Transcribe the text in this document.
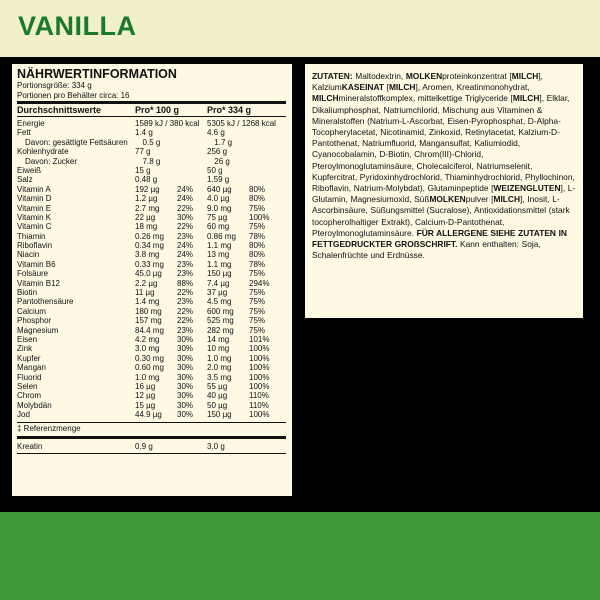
VANILLA
NÄHRWERTINFORMATION
Portionsgröße: 334 g
Portionen pro Behälter circa: 16
Durchschnittswerte	Pro* 100 g	Pro* 334 g
Energie	1589 kJ / 380 kcal 5305 kJ / 1268 kcal
Fett	1.4 g	4.6 g
Davon: gesättigte Fettsäuren	0.5 g	1.7 g
Kohlenhydrate	77 g	256 g
Davon: Zucker	7.8 g	26 g
Eiweiß	15 g	50 g
Salz	0.48 g	1.59 g
Vitamin A	192 µg	24%	640 µg	80%
Vitamin D	1.2 µg	24%	4.0 µg	80%
Vitamin E	2.7 mg	22%	9.0 mg	75%
Vitamin K	22 µg	30%	75 µg	100%
Vitamin C	18 mg	22%	60 mg	75%
Thiamin	0.26 mg	23%	0.86 mg	78%
Riboflavin	0.34 mg	24%	1.1 mg	80%
Niacin	3.8 mg	24%	13 mg	80%
Vitamin B6	0.33 mg	23%	1.1 mg	78%
Folsäure	45.0 µg	23%	150 µg	75%
Vitamin B12	2.2 µg	88%	7.4 µg	294%
Biotin	11 µg	22%	37 µg	75%
Pantothensäure	1.4 mg	23%	4.5 mg	75%
Calcium	180 mg	22%	600 mg	75%
Phosphor	157 mg	22%	525 mg	75%
Magnesium	84.4 mg	23%	282 mg	75%
Eisen	4.2 mg	30%	14 mg	101%
Zink	3.0 mg	30%	10 mg	100%
Kupfer	0.30 mg	30%	1.0 mg	100%
Mangan	0.60 mg	30%	2.0 mg	100%
Fluorid	1.0 mg	30%	3.5 mg	100%
Selen	16 µg	30%	55 µg	100%
Chrom	12 µg	30%	40 µg	110%
Molybdän	15 µg	30%	50 µg	110%
Jod	44.9 µg	30%	150 µg	100%
‡ Referenzmenge
Kreatin	0.9 g	3.0 g

ZUTATEN: Maltodextrin, MOLKENproteinkonzentrat [MILCH], KalziumKASEINAT [MILCH], Aromen, Kreatinmonohydrat, MILCHmineralstoffkomplex, mittelkettige Triglyceride [MILCH], Elklar, Dikaliumphosphat, Natriumchlorid, Mischung aus Vitaminen & Mineralstoffen (Natrium-L-Ascorbat, Eisen-Pyrophosphat, D-Alpha-Tocopherylacetat, Nicotinamid, Zinkoxid, Retinylacetat, Kalzium-D-Pantothenat, Natriumfluorid, Mangansulfat, Kaliumiodid, Cyanocobalamin, D-Biotin, Chrom(III)-Chlorid, Pteroylmonoglutaminsäure, Cholecalciferol, Natriumselenit, Kupfercitrat, Pyridoxinhydrochlorid, Thiaminhydrochlorid, Phyllochinon, Riboflavin, Natrium-Molybdat), Glutaminpeptide [WEIZENGLUTEN], L-Glutamin, Magnesiumoxid, SüßMOLKENpulver [MILCH], Inosit, L-Ascorbinsäure, Süßungsmittel (Sucralose), Antioxidationsmittel (stark tocopherolhaltiger Extrakt), Calcium-D-Pantothenat, Pteroylmonoglutaminsäure. FÜR ALLERGENE SIEHE ZUTATEN IN FETTGEDRUCKTER GROẞSCHRIFT. Kann enthalten: Soja, Schalenfrüchte und Erdnüsse.
